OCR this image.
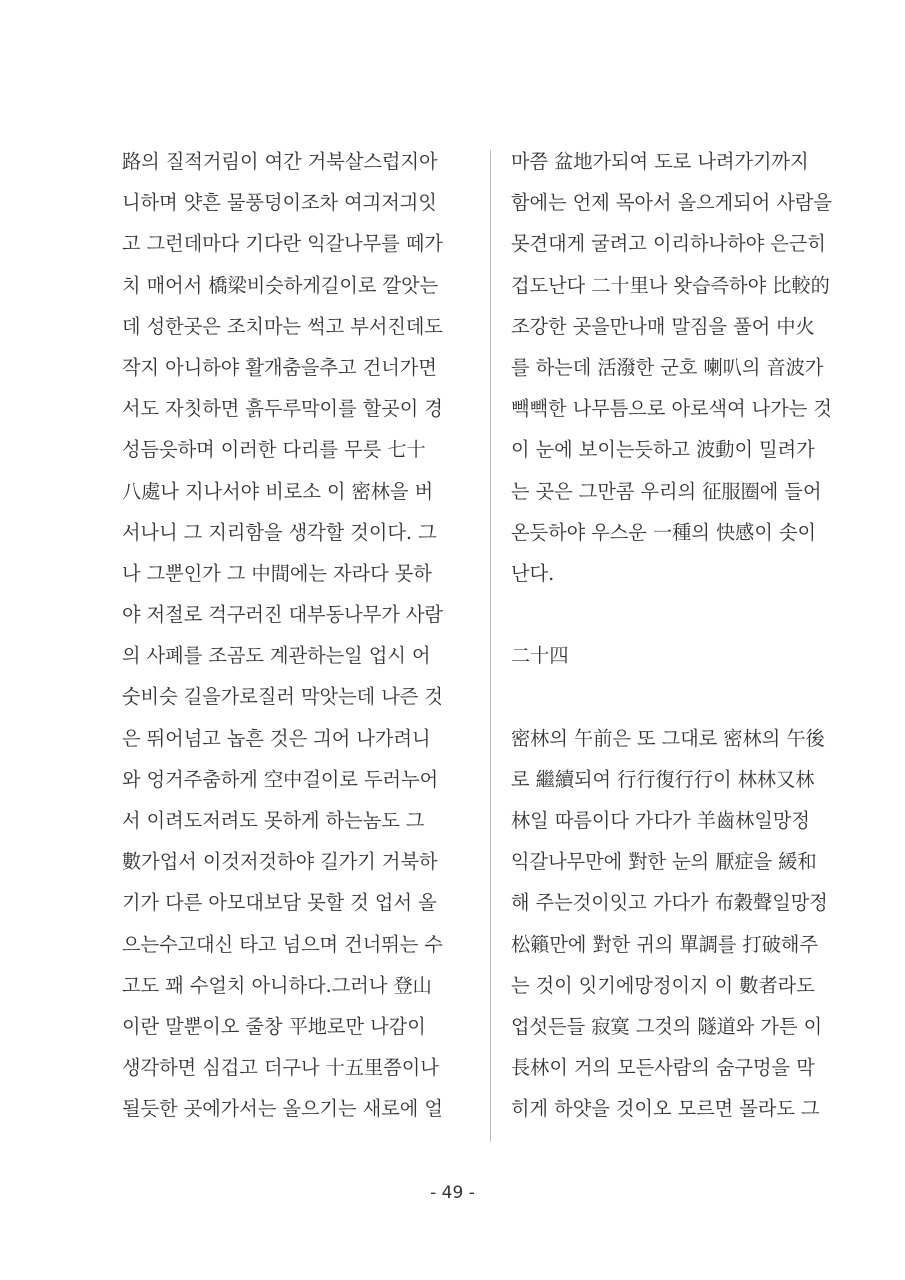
路의 질적거림이 여간 거북살스럽지아
니하며 얏흔 물풍덩이조차 여긔저긔잇
고 그런데마다 기다란 익갈나무를 떼가
치 매어서 橋梁비슷하게길이로 깔앗는
데 성한곳은 조치마는 썩고 부서진데도
작지 아니하야 활개춤을추고 건너가면
서도 자칫하면 흙두루막이를 할곳이 경
성듬읏하며 이러한 다리를 무릇 七十
八處나 지나서야 비로소 이 密林을 버
서나니 그 지리함을 생각할 것이다. 그
나 그뿐인가 그 中間에는 자라다 못하
야 저절로 걱구러진 대부동나무가 사람
의 사폐를 조곰도 계관하는일 업시 어
숫비슷 길을가로질러 막앗는데 나즌 것
은 뛰어넘고 놉흔 것은 긔어 나가려니
와 엉거주춤하게 空中걸이로 두러누어
서 이려도저려도 못하게 하는놈도 그
數가업서 이것저것하야 길가기 거북하
기가 다른 아모대보담 못할 것 업서 올
으는수고대신 타고 넘으며 건너뛰는 수
고도 꽤 수얼치 아니하다.그러나 登山
이란 말뿐이오 줄창 平地로만 나감이
생각하면 심겁고 더구나 十五里쯤이나
될듯한 곳에가서는 올으기는 새로에 얼
마쯤 盆地가되여 도로 나려가기까지
함에는 언제 목아서 올으게되어 사람을
못견대게 굴려고 이리하나하야 은근히
겁도난다 二十里나 왓습즉하야 比較的
조강한 곳을만나매 말짐을 풀어 中火
를 하는데 活潑한 군호 喇叭의 音波가
빽빽한 나무틈으로 아로색여 나가는 것
이 눈에 보이는듯하고 波動이 밀려가
는 곳은 그만콤 우리의 征服圈에 들어
온듯하야 우스운 一種의 快感이 솟이
난다.
二十四
密林의 午前은 또 그대로 密林의 午後
로 繼續되여 行行復行行이 林林又林
林일 따름이다 가다가 羊齒林일망정
익갈나무만에 對한 눈의 厭症을 緩和
해 주는것이잇고 가다가 布穀聲일망정
松籟만에 對한 귀의 單調를 打破해주
는 것이 잇기에망정이지 이 數者라도
업섯든들 寂寞 그것의 隧道와 가튼 이
長林이 거의 모든사람의 숨구멍을 막
히게 하얏을 것이오 모르면 몰라도 그
- 49 -
